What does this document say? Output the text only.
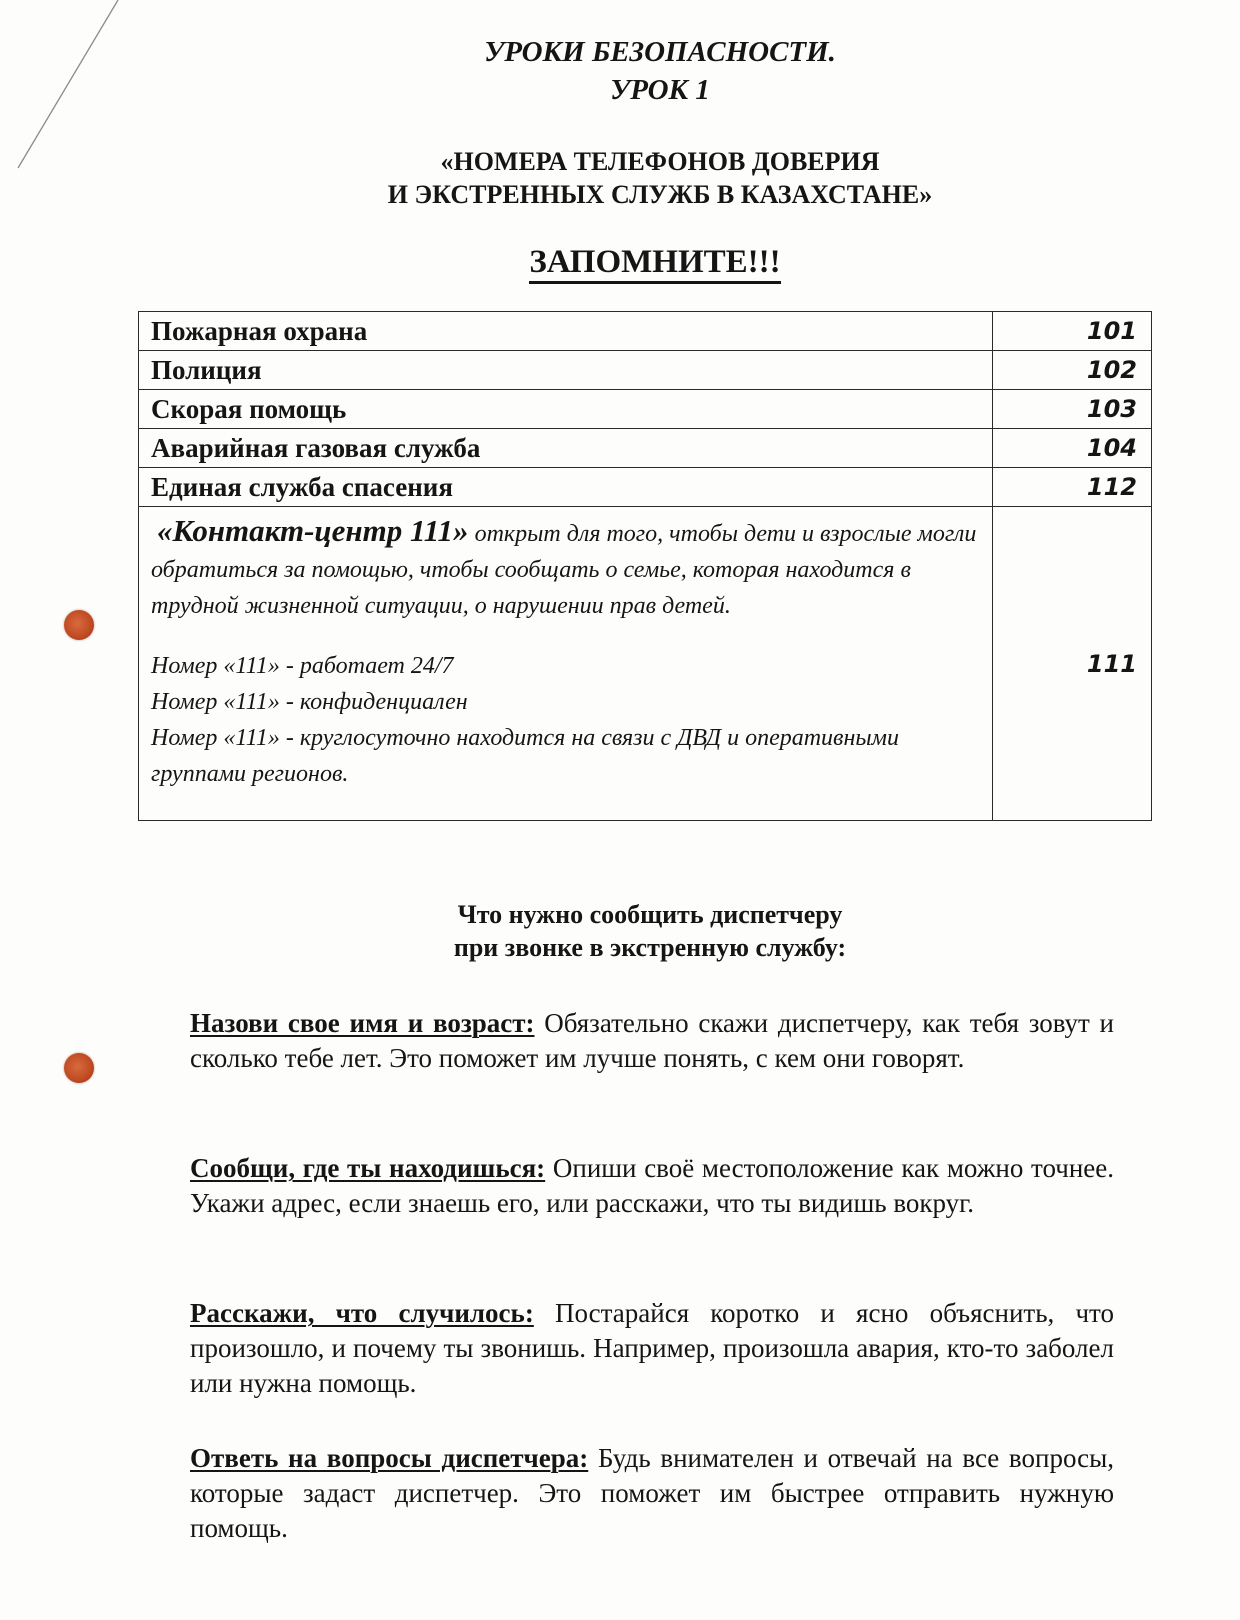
УРОКИ БЕЗОПАСНОСТИ.
УРОК 1
«НОМЕРА ТЕЛЕФОНОВ ДОВЕРИЯ
И ЭКСТРЕННЫХ СЛУЖБ В КАЗАХСТАНЕ»
ЗАПОМНИТЕ!!!
Пожарная охрана	101
Полиция	102
Скорая помощь	103
Аварийная газовая служба	104
Единая служба спасения	112

«Контакт-центр 111» открыт для того, чтобы дети и взрослые могли обратиться за помощью, чтобы сообщать о семье, которая находится в трудной жизненной ситуации, о нарушении прав детей.
Номер «111» - работает 24/7
Номер «111» - конфиденциален
Номер «111» - круглосуточно находится на связи с ДВД и оперативными группами регионов.	111
Что нужно сообщить диспетчеру
при звонке в экстренную службу:
Назови свое имя и возраст: Обязательно скажи диспетчеру, как тебя зовут и сколько тебе лет. Это поможет им лучше понять, с кем они говорят.
Сообщи, где ты находишься: Опиши своё местоположение как можно точнее. Укажи адрес, если знаешь его, или расскажи, что ты видишь вокруг.
Расскажи, что случилось: Постарайся коротко и ясно объяснить, что произошло, и почему ты звонишь. Например, произошла авария, кто-то заболел или нужна помощь.
Ответь на вопросы диспетчера: Будь внимателен и отвечай на все вопросы, которые задаст диспетчер. Это поможет им быстрее отправить нужную помощь.
